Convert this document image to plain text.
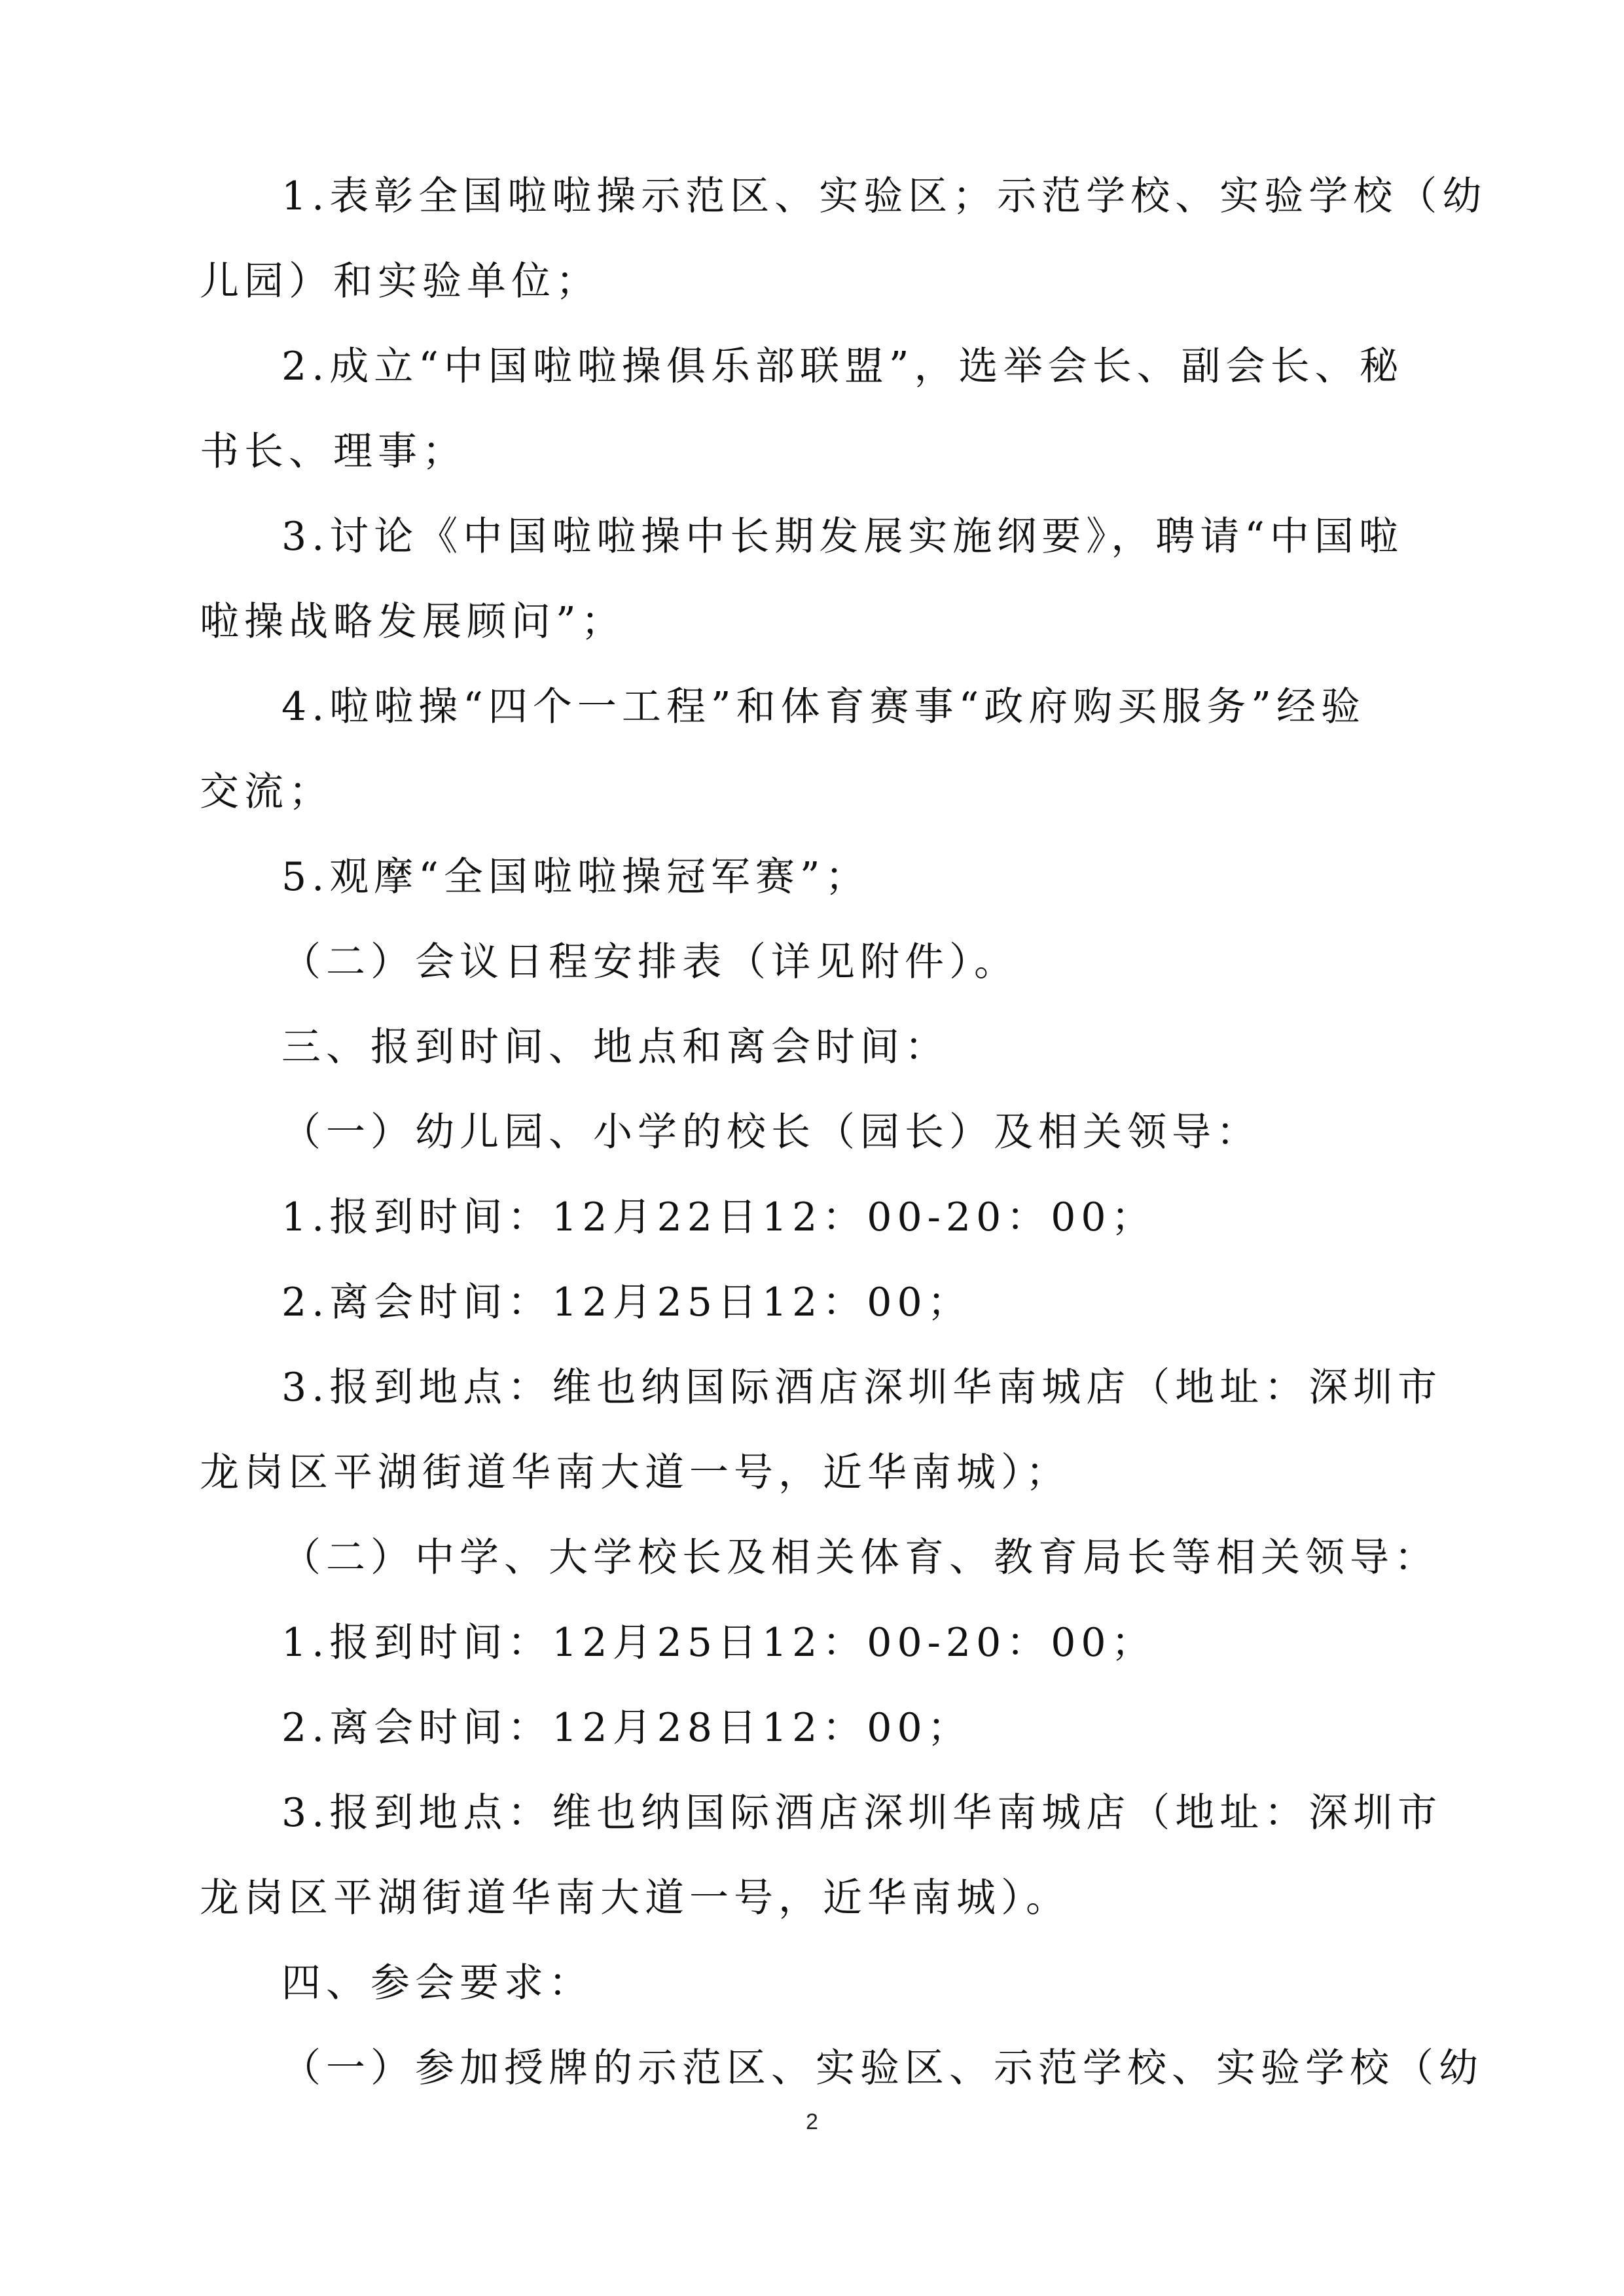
1.表彰全国啦啦操示范区、实验区；示范学校、实验学校（幼

儿园）和实验单位；

2.成立“中国啦啦操俱乐部联盟”，选举会长、副会长、秘

书长、理事；

3.讨论《中国啦啦操中长期发展实施纲要》，聘请“中国啦

啦操战略发展顾问”；

4.啦啦操“四个一工程”和体育赛事“政府购买服务”经验

交流；

5.观摩“全国啦啦操冠军赛”；

（二）会议日程安排表（详见附件）。

三、报到时间、地点和离会时间：

（一）幼儿园、小学的校长（园长）及相关领导：

1.报到时间：12月22日12：00-20：00；

2.离会时间：12月25日12：00；

3.报到地点：维也纳国际酒店深圳华南城店（地址：深圳市

龙岗区平湖街道华南大道一号，近华南城）；

（二）中学、大学校长及相关体育、教育局长等相关领导：

1.报到时间：12月25日12：00-20：00；

2.离会时间：12月28日12：00；

3.报到地点：维也纳国际酒店深圳华南城店（地址：深圳市

龙岗区平湖街道华南大道一号，近华南城）。

四、参会要求：

（一）参加授牌的示范区、实验区、示范学校、实验学校（幼

2
